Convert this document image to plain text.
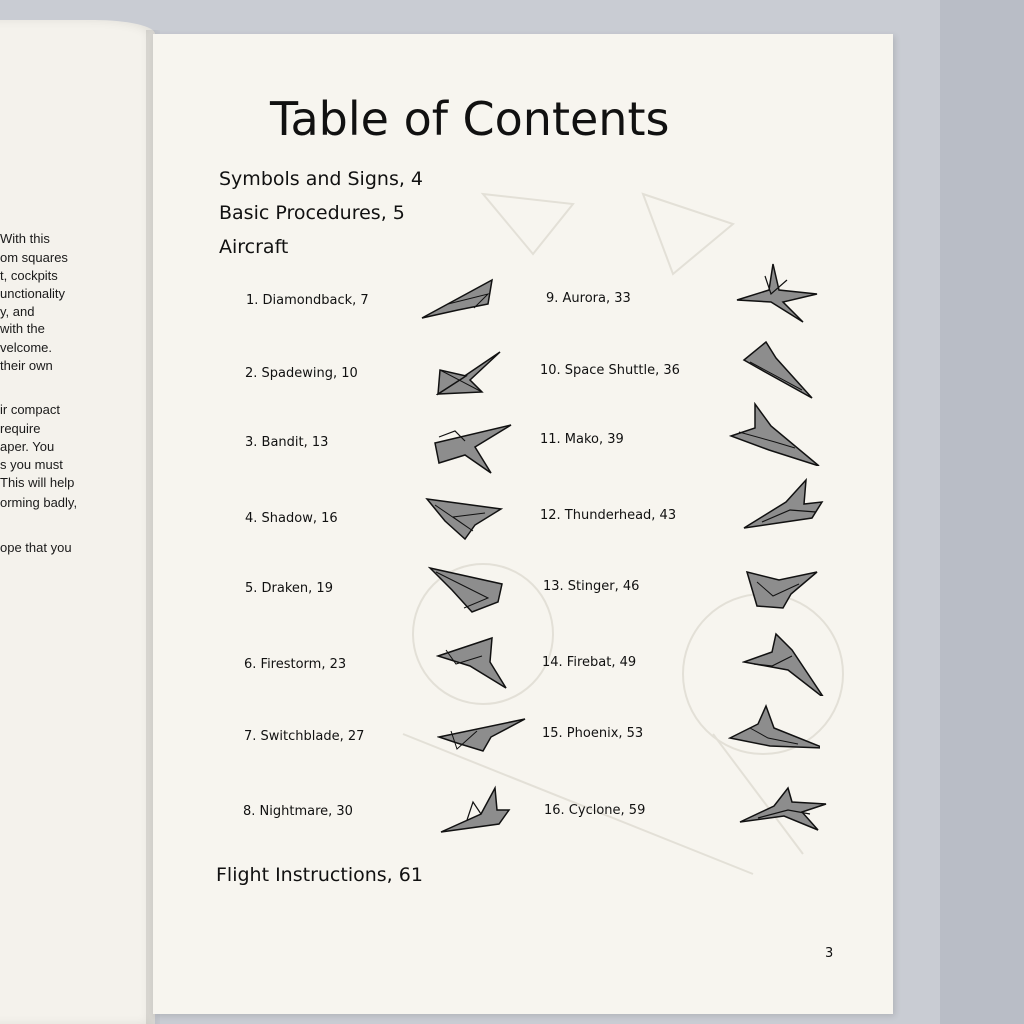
With this
om squares
t, cockpits
unctionality
y, and
with the
velcome.
their own
ir compact
require
aper. You
s you must
This will help
orming badly,
ope that you
Table of Contents
Symbols and Signs, 4
Basic Procedures, 5
Aircraft
1. Diamondback, 7
2. Spadewing, 10
3. Bandit, 13
4. Shadow, 16
5. Draken, 19
6. Firestorm, 23
7. Switchblade, 27
8. Nightmare, 30
9. Aurora, 33
10. Space Shuttle, 36
11. Mako, 39
12. Thunderhead, 43
13. Stinger, 46
14. Firebat, 49
15. Phoenix, 53
16. Cyclone, 59
Flight Instructions, 61
3
